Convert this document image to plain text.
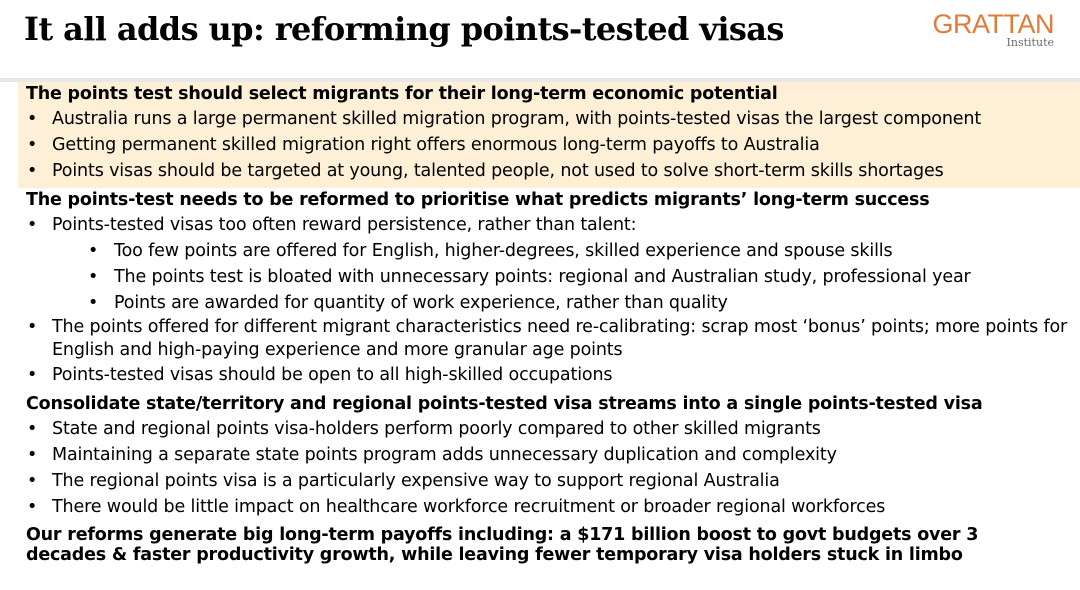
It all adds up: reforming points-tested visas	GRATTAN
Institute
The points test should select migrants for their long-term economic potential
• Australia runs a large permanent skilled migration program, with points-tested visas the largest component
• Getting permanent skilled migration right offers enormous long-term payoffs to Australia
• Points visas should be targeted at young, talented people, not used to solve short-term skills shortages
The points-test needs to be reformed to prioritise what predicts migrants’ long-term success
• Points-tested visas too often reward persistence, rather than talent:
• Too few points are offered for English, higher-degrees, skilled experience and spouse skills
• The points test is bloated with unnecessary points: regional and Australian study, professional year
• Points are awarded for quantity of work experience, rather than quality
• The points offered for different migrant characteristics need re-calibrating: scrap most ‘bonus’ points; more points for English and high-paying experience and more granular age points
• Points-tested visas should be open to all high-skilled occupations
Consolidate state/territory and regional points-tested visa streams into a single points-tested visa
• State and regional points visa-holders perform poorly compared to other skilled migrants
• Maintaining a separate state points program adds unnecessary duplication and complexity
• The regional points visa is a particularly expensive way to support regional Australia
• There would be little impact on healthcare workforce recruitment or broader regional workforces
Our reforms generate big long-term payoffs including: a $171 billion boost to govt budgets over 3 decades & faster productivity growth, while leaving fewer temporary visa holders stuck in limbo
